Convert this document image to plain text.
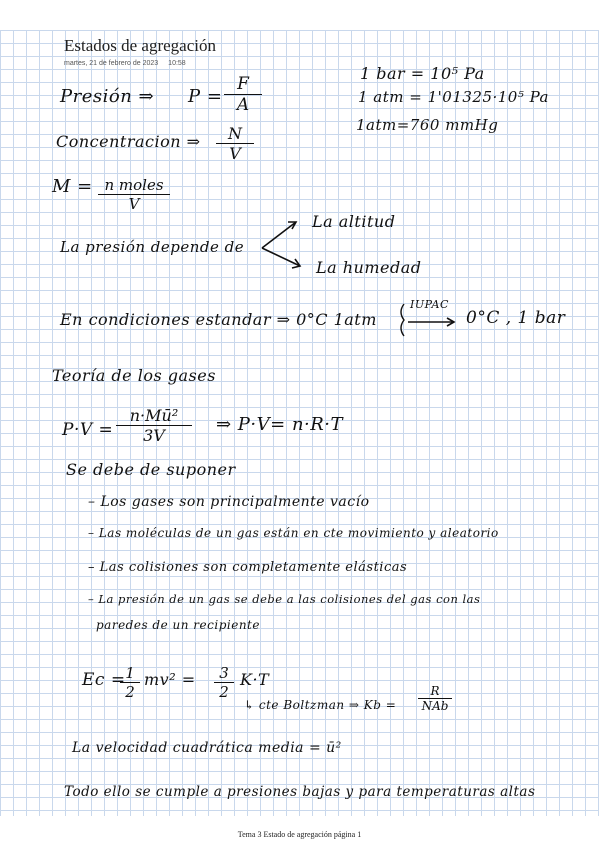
Estados de agregación
martes, 21 de febrero de 2023 10:58
Presión ⇒ $P = \frac{F}{A}$
1 bar = 10⁵ Pa
1 atm = 1'01325·10⁵ Pa
1atm=760 mmHg
Concentracion ⇒ $\frac{N}{V}$
M = n moles
V
La presión depende de
La altitud
La humedad
En condiciones estandar ⇒ 0°C 1atm
IUPAC
0°C , 1 bar
Teoría de los gases
$P\cdot V = \frac{\text{n·Mū²}}{3V}$ ⇒ P·V= n·R·T
Se debe de suponer
– Los gases son principalmente vacío
– Las moléculas de un gas están en cte movimiento y aleatorio
– Las colisiones son completamente elásticas
– La presión de un gas se debe a las colisiones del gas con las
paredes de un recipiente
Ec =
$\frac{1}{2} mv^2 = \frac{3}{2} K\cdot T$
↳ cte Boltzman ⇒ Kb =
R
NAb
La velocidad cuadrática media = ū²
Todo ello se cumple a presiones bajas y para temperaturas altas
Tema 3 Estado de agregación página 1
